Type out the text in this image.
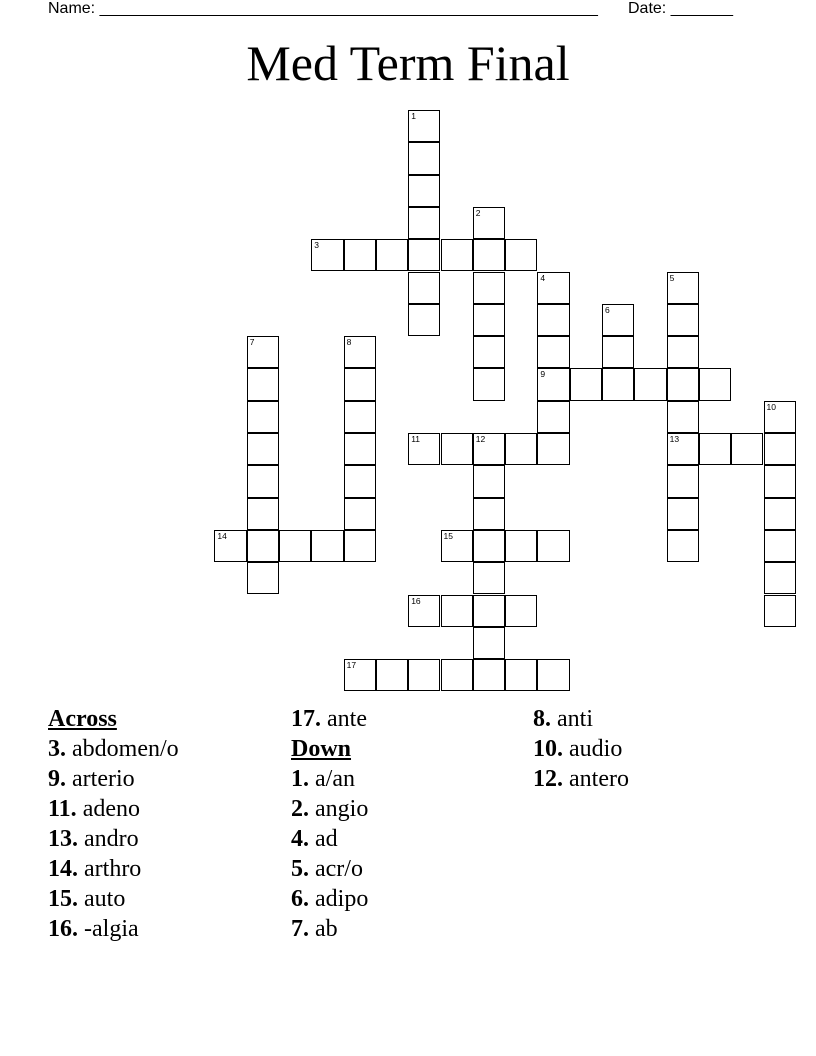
Name: ________________________________________________________

Date: _______

Med Term Final
1
2
3
4
9
5
13
6
7	8
10
11	12
14	15
16
17
Across
3. abdomen/o
9. arterio
11. adeno
13. andro
14. arthro
15. auto
16. -algia
17. ante
Down
1. a/an
2. angio
4. ad
5. acr/o
6. adipo
7. ab
8. anti
10. audio
12. antero
